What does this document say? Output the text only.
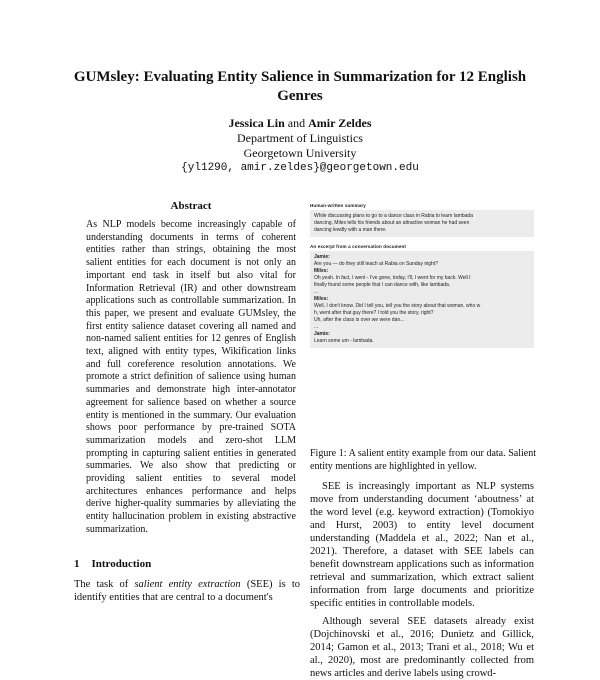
GUMsley: Evaluating Entity Salience in Summarization for 12 English
Genres
Jessica Lin and Amir Zeldes
Department of Linguistics
Georgetown University
{yl1290, amir.zeldes}@georgetown.edu
Abstract
As NLP models become increasingly capable of understanding documents in terms of coherent entities rather than strings, obtaining the most salient entities for each document is not only an important end task in itself but also vital for Information Retrieval (IR) and other downstream applications such as controllable summarization. In this paper, we present and evaluate GUMsley, the first entity salience dataset covering all named and non-named salient entities for 12 genres of English text, aligned with entity types, Wikification links and full coreference resolution annotations. We promote a strict definition of salience using human summaries and demonstrate high inter-annotator agreement for salience based on whether a source entity is mentioned in the summary. Our evaluation shows poor performance by pre-trained SOTA summarization models and zero-shot LLM prompting in capturing salient entities in generated summaries. We also show that predicting or providing salient entities to several model architectures enhances performance and helps derive higher-quality summaries by alleviating the entity hallucination problem in existing abstractive summarization.
1 Introduction
The task of salient entity extraction (SEE) is to identify entities that are central to a document's
Human-written summary
While discussing plans to go to a dance class in Rabia to learn lambada
dancing, Miles tells his friends about an attractive woman he had seen
dancing lewdly with a man there.
An excerpt from a conversation document
Jamie:
Are you — do they still teach at Rabia on Sunday night?
Miles:
Oh yeah. In fact, I went - I've gone, today, I'll, I went for my back. Well I
finally found some people that I can dance with, like lambada.
...
Miles:
Well, I don't know. Did I tell you, tell you the story about that woman, who w
h, went after that guy there? I told you the story, right?
Uh, after the class is over we were dan...
...
Jamie:
Learn some um - lambada.
Figure 1: A salient entity example from our data. Salient entity mentions are highlighted in yellow.

SEE is increasingly important as NLP systems move from understanding document ‘aboutness’ at the word level (e.g. keyword extraction) (Tomokiyo and Hurst, 2003) to entity level document understanding (Maddela et al., 2022; Nan et al., 2021). Therefore, a dataset with SEE labels can benefit downstream applications such as information retrieval and summarization, which extract salient information from large documents and prioritize specific entities in controllable models.

Although several SEE datasets already exist (Dojchinovski et al., 2016; Dunietz and Gillick, 2014; Gamon et al., 2013; Trani et al., 2018; Wu et al., 2020), most are predominantly collected from news articles and derive labels using crowd-
